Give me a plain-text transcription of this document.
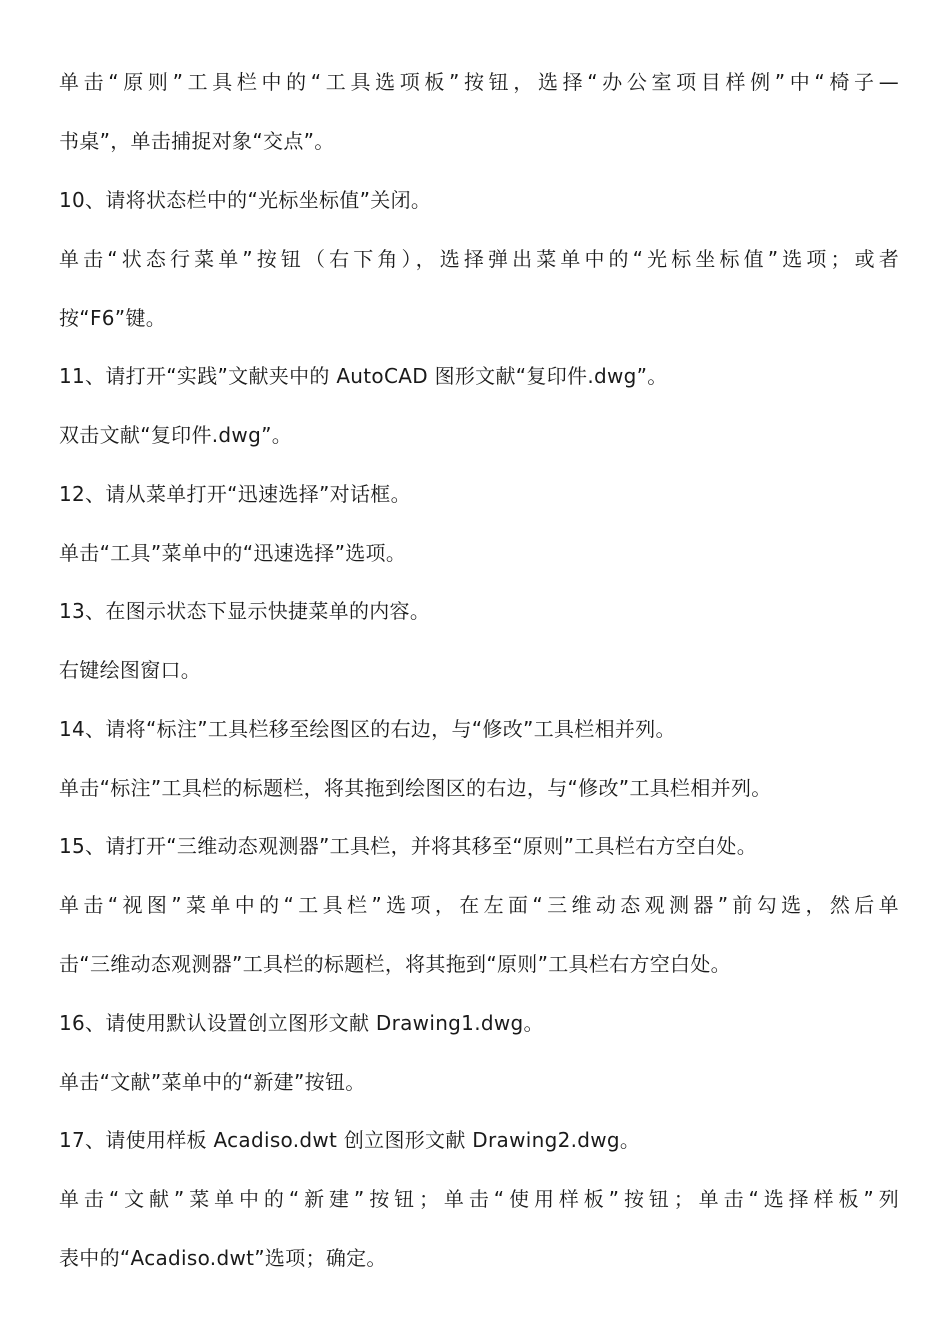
单击“原则”工具栏中的“工具选项板”按钮，选择“办公室项目样例”中“椅子—
书桌”，单击捕捉对象“交点”。
10、请将状态栏中的“光标坐标值”关闭。
单击“状态行菜单”按钮（右下角），选择弹出菜单中的“光标坐标值”选项；或者
按“F6”键。
11、请打开“实践”文献夹中的 AutoCAD 图形文献“复印件.dwg”。
双击文献“复印件.dwg”。
12、请从菜单打开“迅速选择”对话框。
单击“工具”菜单中的“迅速选择”选项。
13、在图示状态下显示快捷菜单的内容。
右键绘图窗口。
14、请将“标注”工具栏移至绘图区的右边，与“修改”工具栏相并列。
单击“标注”工具栏的标题栏，将其拖到绘图区的右边，与“修改”工具栏相并列。
15、请打开“三维动态观测器”工具栏，并将其移至“原则”工具栏右方空白处。
单击“视图”菜单中的“工具栏”选项，在左面“三维动态观测器”前勾选，然后单
击“三维动态观测器”工具栏的标题栏，将其拖到“原则”工具栏右方空白处。
16、请使用默认设置创立图形文献 Drawing1.dwg。
单击“文献”菜单中的“新建”按钮。
17、请使用样板 Acadiso.dwt 创立图形文献 Drawing2.dwg。
单击“文献”菜单中的“新建”按钮；单击“使用样板”按钮；单击“选择样板”列
表中的“Acadiso.dwt”选项；确定。
